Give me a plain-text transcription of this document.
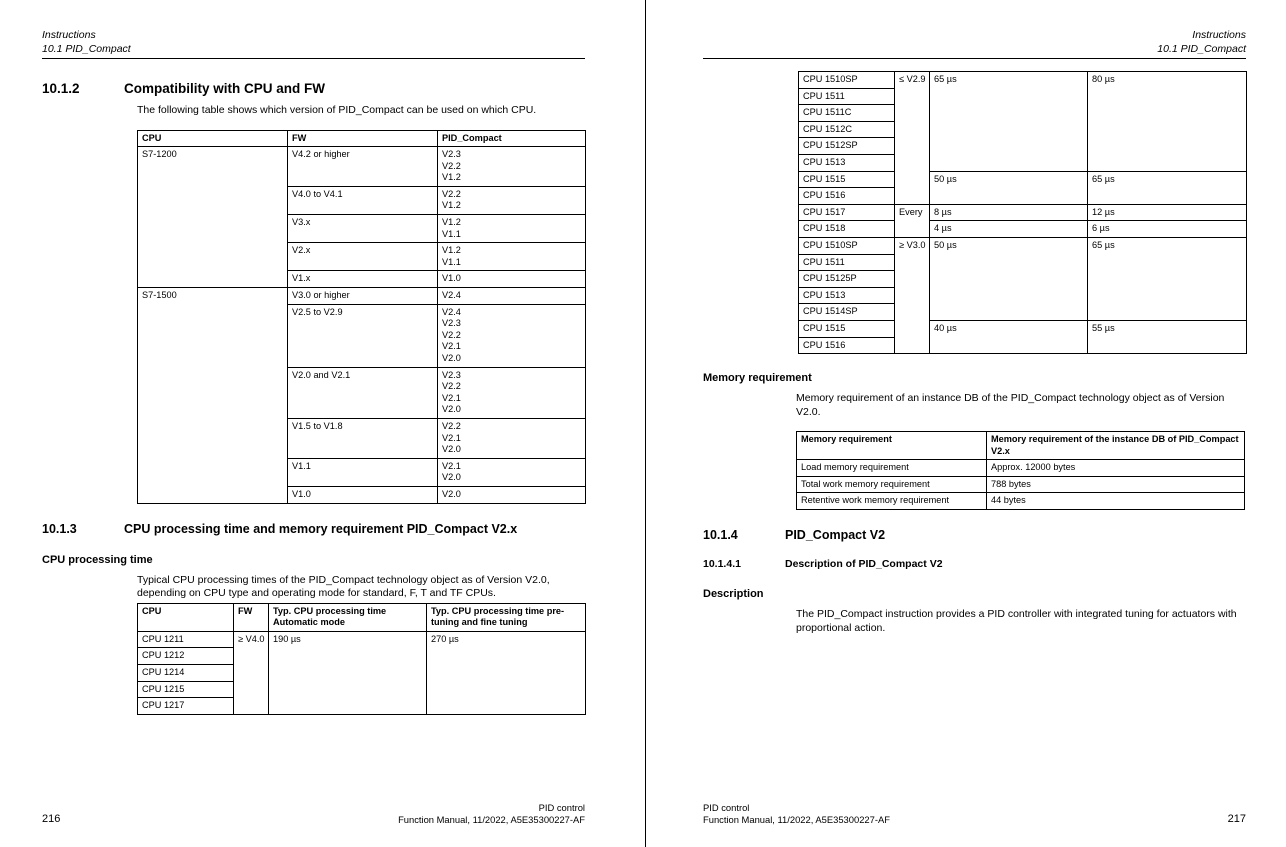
Instructions
10.1 PID_Compact
10.1.2	Compatibility with CPU and FW
The following table shows which version of PID_Compact can be used on which CPU.
CPU	FW	PID_Compact
S7-1200	V4.2 or higher	V2.3
V2.2
V1.2
	V4.0 to V4.1	V2.2
V1.2
	V3.x	V1.2
V1.1
	V2.x	V1.2
V1.1
	V1.x	V1.0
S7-1500	V3.0 or higher	V2.4
	V2.5 to V2.9	V2.4
V2.3
V2.2
V2.1
V2.0
	V2.0 and V2.1	V2.3
V2.2
V2.1
V2.0
	V1.5 to V1.8	V2.2
V2.1
V2.0
	V1.1	V2.1
V2.0
	V1.0	V2.0
10.1.3	CPU processing time and memory requirement PID_Compact V2.x
CPU processing time
Typical CPU processing times of the PID_Compact technology object as of Version V2.0, depending on CPU type and operating mode for standard, F, T and TF CPUs.
CPU	FW	Typ. CPU processing time Automatic mode	Typ. CPU processing time pre-tuning and fine tuning
CPU 1211	≥ V4.0	190 µs	270 µs
CPU 1212			
CPU 1214			
CPU 1215			
CPU 1217			
216
PID control
Function Manual, 11/2022, A5E35300227-AF
Instructions
10.1 PID_Compact
CPU 1510SP	≤ V2.9	65 µs	80 µs
CPU 1511			
CPU 1511C			
CPU 1512C			
CPU 1512SP			
CPU 1513			
CPU 1515		50 µs	65 µs
CPU 1516			
CPU 1517	Every	8 µs	12 µs
CPU 1518		4 µs	6 µs
CPU 1510SP	≥ V3.0	50 µs	65 µs
CPU 1511			
CPU 15125P			
CPU 1513			
CPU 1514SP			
CPU 1515		40 µs	55 µs
CPU 1516			
Memory requirement
Memory requirement of an instance DB of the PID_Compact technology object as of Version V2.0.
Memory requirement	Memory requirement of the instance DB of PID_Compact V2.x
Load memory requirement	Approx. 12000 bytes
Total work memory requirement	788 bytes
Retentive work memory requirement	44 bytes
10.1.4	PID_Compact V2
10.1.4.1	Description of PID_Compact V2
Description
The PID_Compact instruction provides a PID controller with integrated tuning for actuators with proportional action.
PID control
Function Manual, 11/2022, A5E35300227-AF	217
